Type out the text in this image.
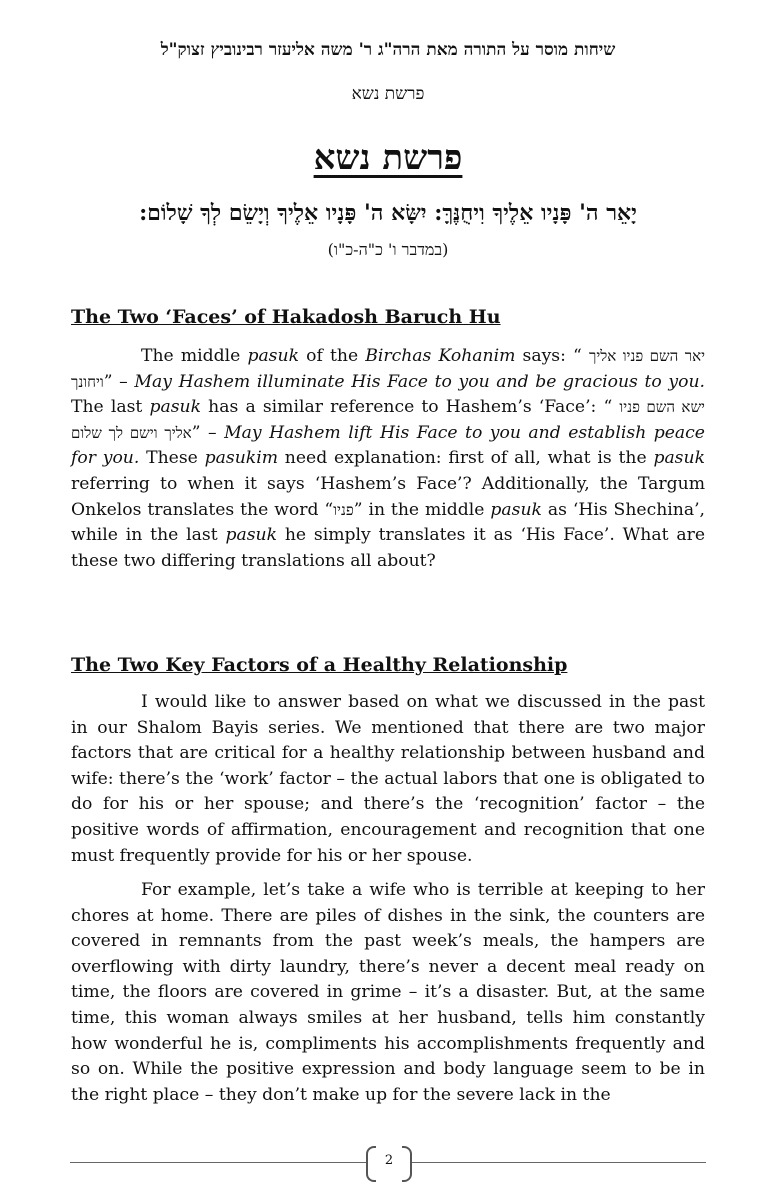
שיחות מוסר על התורה מאת הרה"ג ר' משה אליעזר רבינוביץ זצוק"ל
פרשת נשא
פרשת נשא
יָאֵר ה' פָּנָיו אֵלֶיךָ וִיחֻנֶּךָּ: יִשָּׂא ה' פָּנָיו אֵלֶיךָ וְיָשֵׂם לְךָ שָׁלוֹם:
(במדבר ו' כ"ה-כ"ו)
The Two ‘Faces’ of Hakadosh Baruch Hu
The middle pasuk of the Birchas Kohanim says: “ יאר השם פניו אליך ויחונך” – May Hashem illuminate His Face to you and be gracious to you. The last pasuk has a similar reference to Hashem’s ‘Face’: “ ישא השם פניו אליך וישם לך שלום” – May Hashem lift His Face to you and establish peace for you. These pasukim need explanation: first of all, what is the pasuk referring to when it says ‘Hashem’s Face’? Additionally, the Targum Onkelos translates the word “פניו” in the middle pasuk as ‘His Shechina’, while in the last pasuk he simply translates it as ‘His Face’. What are these two differing translations all about?
The Two Key Factors of a Healthy Relationship
I would like to answer based on what we discussed in the past in our Shalom Bayis series. We mentioned that there are two major factors that are critical for a healthy relationship between husband and wife: there’s the ‘work’ factor – the actual labors that one is obligated to do for his or her spouse; and there’s the ‘recognition’ factor – the positive words of affirmation, encouragement and recognition that one must frequently provide for his or her spouse.
For example, let’s take a wife who is terrible at keeping to her chores at home. There are piles of dishes in the sink, the counters are covered in remnants from the past week’s meals, the hampers are overflowing with dirty laundry, there’s never a decent meal ready on time, the floors are covered in grime – it’s a disaster. But, at the same time, this woman always smiles at her husband, tells him constantly how wonderful he is, compliments his accomplishments frequently and so on. While the positive expression and body language seem to be in the right place – they don’t make up for the severe lack in the
2
